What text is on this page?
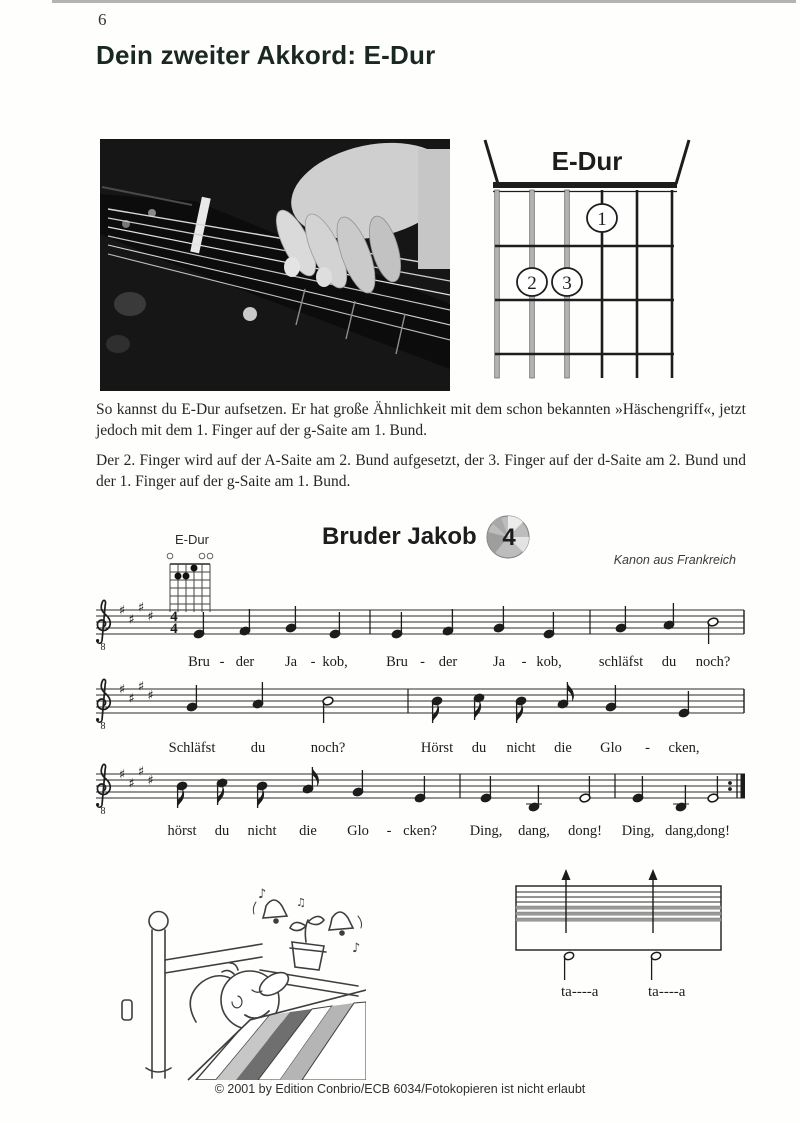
6
Dein zweiter Akkord: E-Dur
E-Dur
1
2 3
So kannst du E-Dur aufsetzen. Er hat große Ähnlichkeit mit dem schon bekannten »Häschengriff«, jetzt jedoch mit dem 1. Finger auf der g-Saite am 1. Bund.
Der 2. Finger wird auf der A-Saite am 2. Bund aufgesetzt, der 3. Finger auf der d-Saite am 2. Bund und der 1. Finger auf der g-Saite am 1. Bund.
Bruder Jakob 4
Kanon aus Frankreich
E-Dur
8
♯
♯
♯
♯ 4
4
Bru - der Ja - kob,	Bru - der Ja - kob,	schläfst du noch?
8
♯
♯
♯
♯
Schläfst du	noch?	Hörst du nicht die Glo - cken,
8
♯
♯
♯
♯
hörst du nicht die Glo - cken? Ding, dang, dong! Ding, dang, dong!
♪
♪
♫
ta----a	ta----a
© 2001 by Edition Conbrio/ECB 6034/Fotokopieren ist nicht erlaubt
